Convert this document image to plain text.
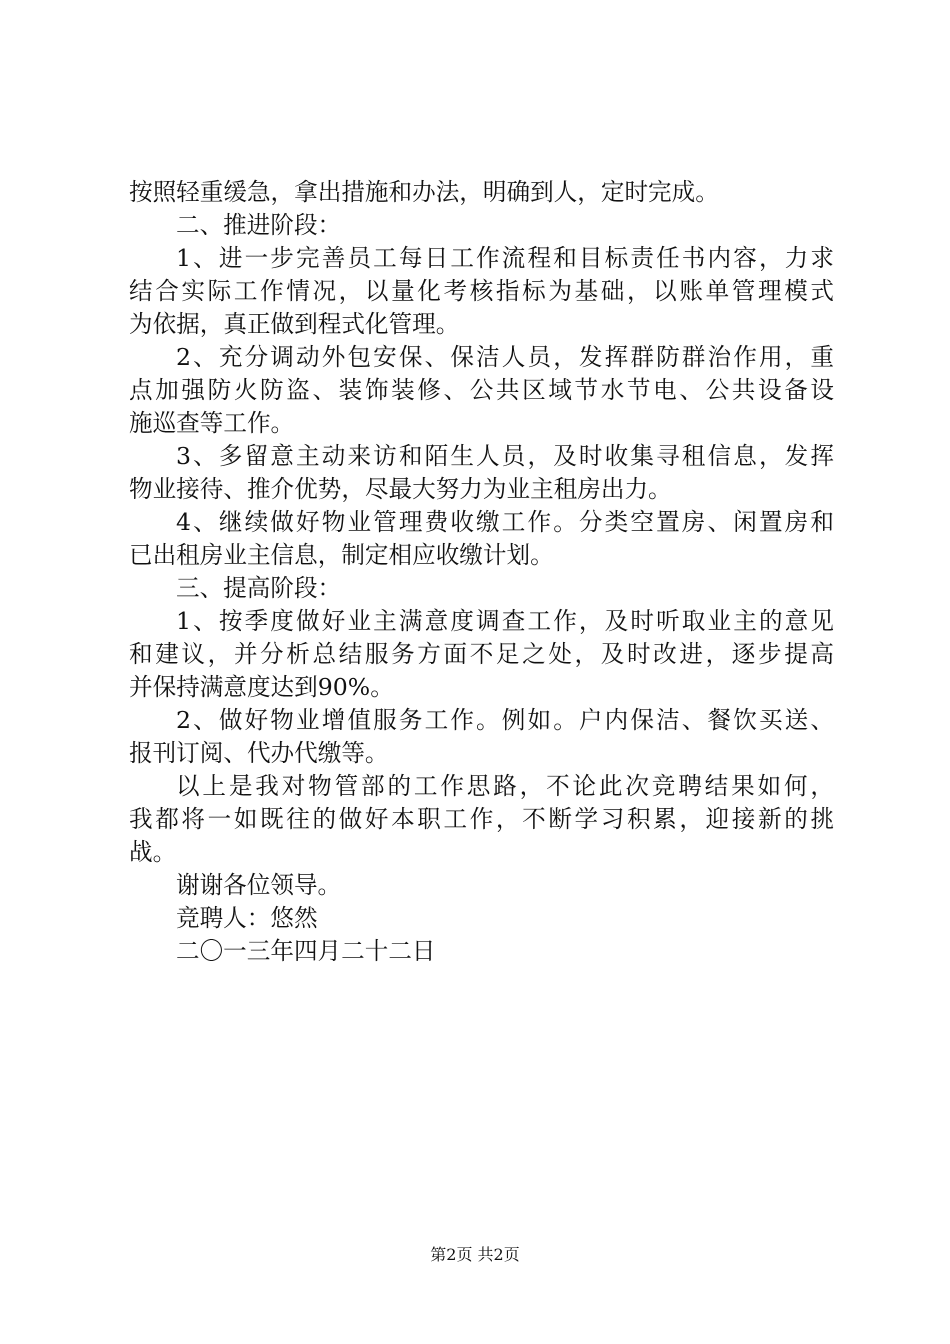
按照轻重缓急，拿出措施和办法，明确到人，定时完成。
二、推进阶段：
1、进一步完善员工每日工作流程和目标责任书内容，力求
结合实际工作情况，以量化考核指标为基础，以账单管理模式
为依据，真正做到程式化管理。
2、充分调动外包安保、保洁人员，发挥群防群治作用，重
点加强防火防盗、装饰装修、公共区域节水节电、公共设备设
施巡查等工作。
3、多留意主动来访和陌生人员，及时收集寻租信息，发挥
物业接待、推介优势，尽最大努力为业主租房出力。
4、继续做好物业管理费收缴工作。分类空置房、闲置房和
已出租房业主信息，制定相应收缴计划。
三、提高阶段：
1、按季度做好业主满意度调查工作，及时听取业主的意见
和建议，并分析总结服务方面不足之处，及时改进，逐步提高
并保持满意度达到90%。
2、做好物业增值服务工作。例如。户内保洁、餐饮买送、
报刊订阅、代办代缴等。
以上是我对物管部的工作思路，不论此次竞聘结果如何，
我都将一如既往的做好本职工作，不断学习积累，迎接新的挑
战。
谢谢各位领导。
竞聘人：悠然
二〇一三年四月二十二日
第2页 共2页
